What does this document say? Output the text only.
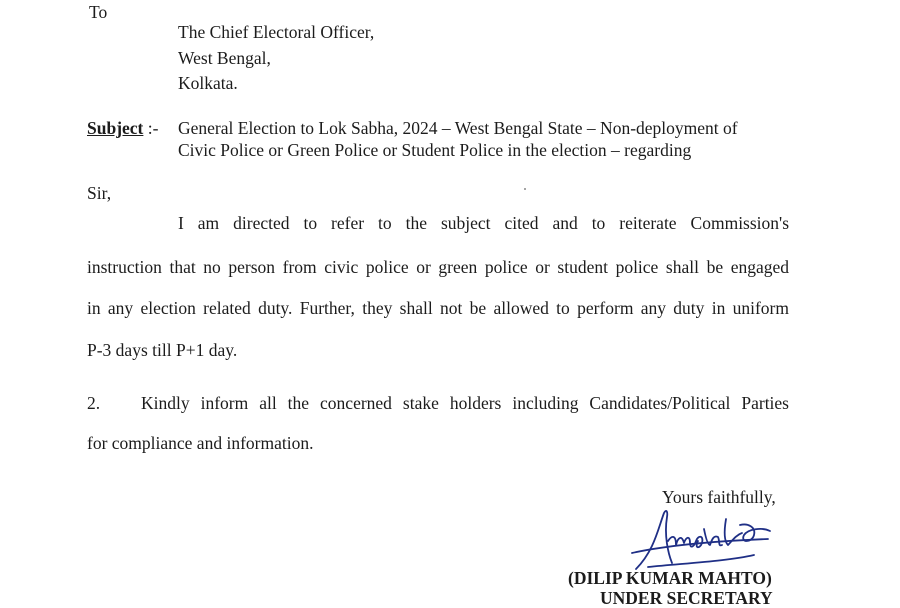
To
The Chief Electoral Officer,
West Bengal,
Kolkata.
Subject :- General Election to Lok Sabha, 2024 – West Bengal State – Non-deployment of
Civic Police or Green Police or Student Police in the election – regarding
Sir,
I am directed to refer to the subject cited and to reiterate Commission's
instruction that no person from civic police or green police or student police shall be engaged
in any election related duty. Further, they shall not be allowed to perform any duty in uniform
P-3 days till P+1 day.
2. Kindly inform all the concerned stake holders including Candidates/Political Parties
for compliance and information.
Yours faithfully,
(DILIP KUMAR MAHTO)
UNDER SECRETARY
